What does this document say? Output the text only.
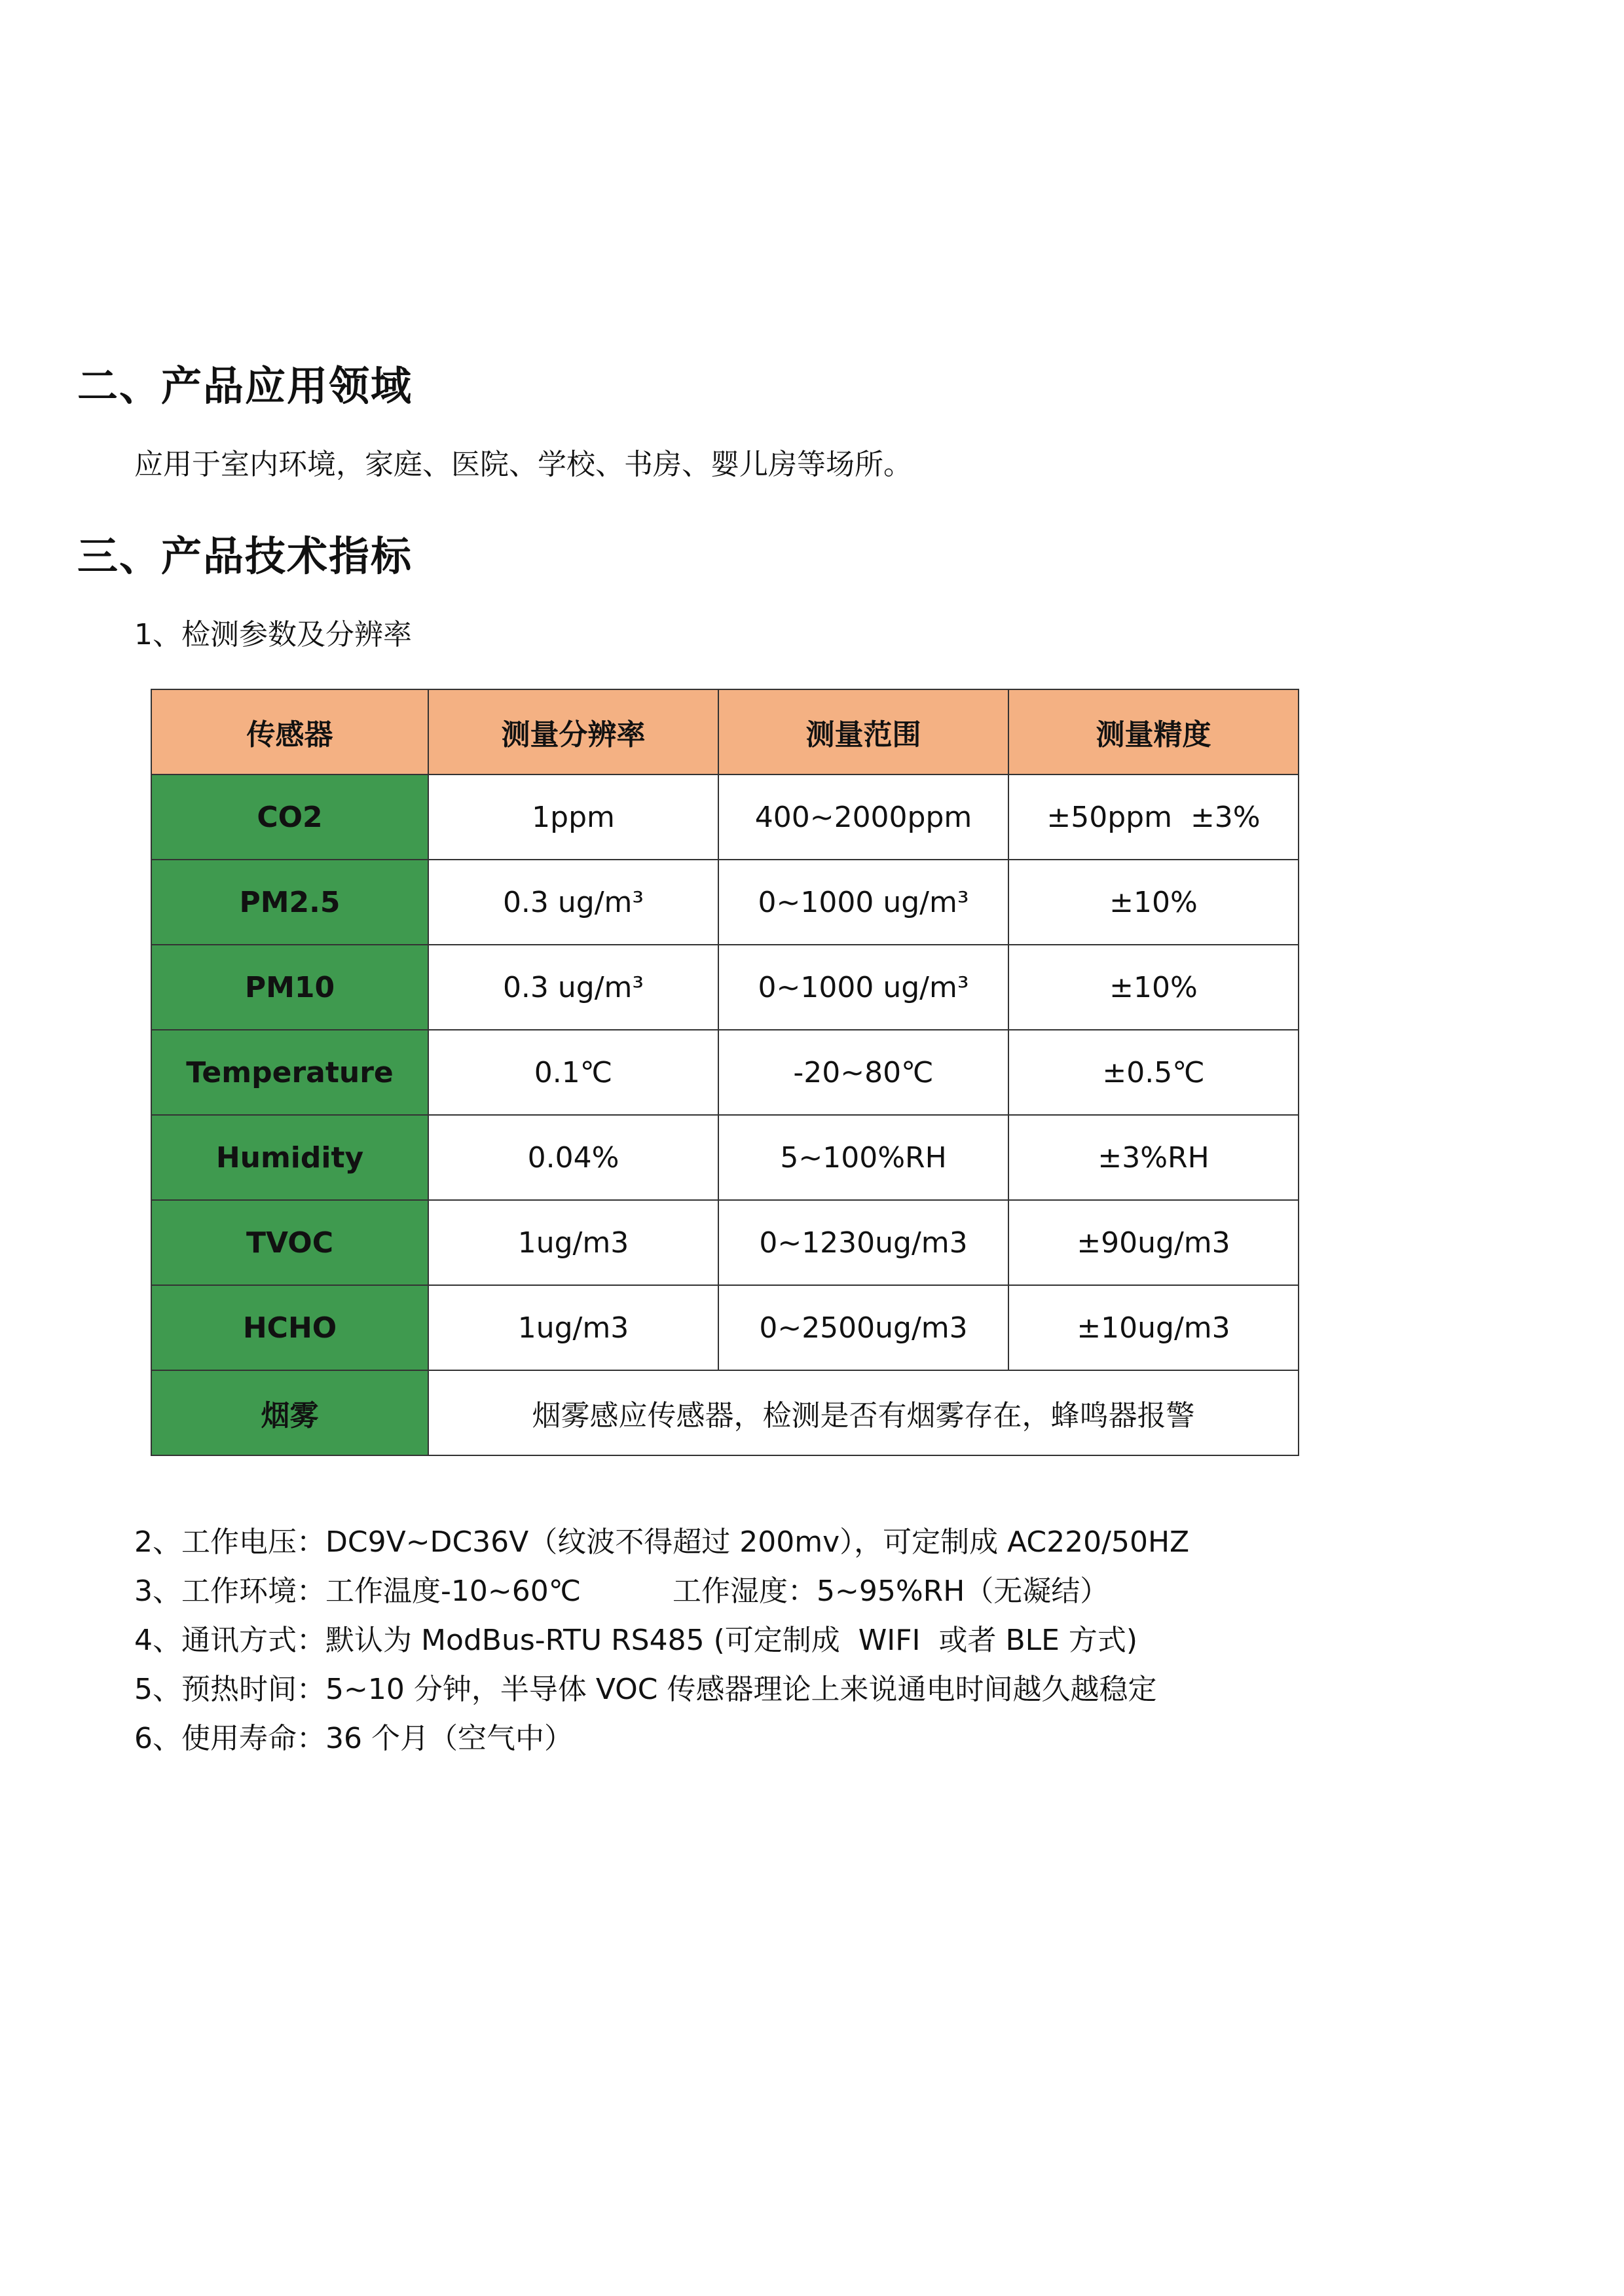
二、产品应用领域

应用于室内环境，家庭、医院、学校、书房、婴儿房等场所。

三、产品技术指标

1、检测参数及分辨率

传感器	测量分辨率	测量范围	测量精度
CO2	1ppm	400~2000ppm	±50ppm  ±3%
PM2.5	0.3 ug/m³	0~1000 ug/m³	±10%
PM10	0.3 ug/m³	0~1000 ug/m³	±10%
Temperature	0.1℃	-20~80℃	±0.5℃
Humidity	0.04%	5~100%RH	±3%RH
TVOC	1ug/m3	0~1230ug/m3	±90ug/m3
HCHO	1ug/m3	0~2500ug/m3	±10ug/m3
烟雾	烟雾感应传感器，检测是否有烟雾存在，蜂鸣器报警		

2、工作电压：DC9V~DC36V（纹波不得超过 200mv），可定制成 AC220/50HZ

3、工作环境：工作温度-10~60℃          工作湿度：5~95%RH（无凝结）

4、通讯方式：默认为 ModBus-RTU RS485 (可定制成  WIFI  或者 BLE 方式)

5、预热时间：5~10 分钟，半导体 VOC 传感器理论上来说通电时间越久越稳定

6、使用寿命：36 个月（空气中）
